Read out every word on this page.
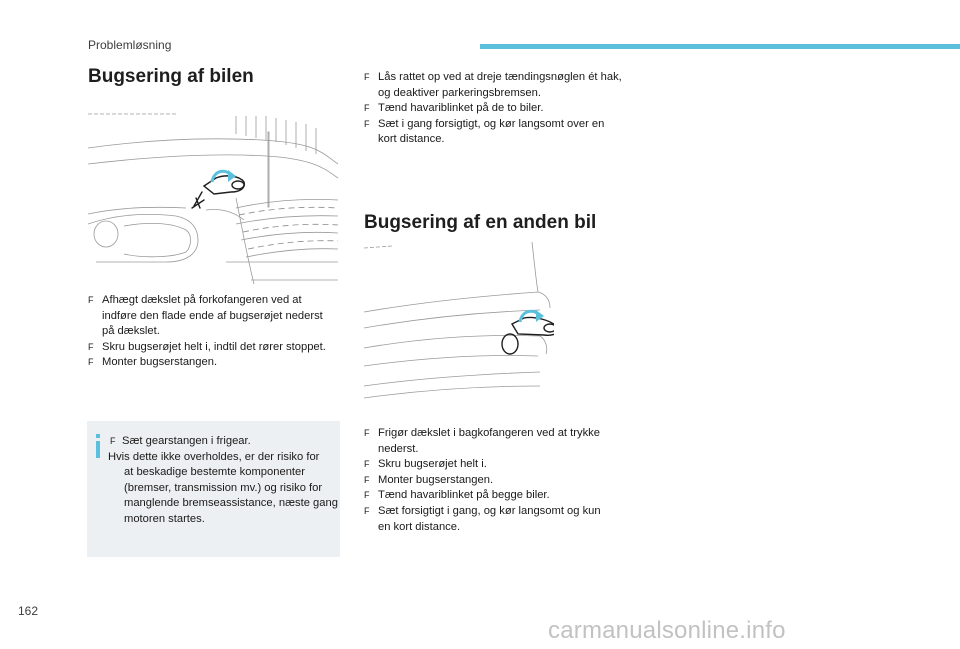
Problemløsning
Bugsering af bilen
F Afhægt dækslet på forkofangeren ved at indføre den flade ende af bugserøjet nederst på dækslet.
F Skru bugserøjet helt i, indtil det rører stoppet.
F Monter bugserstangen.
F Sæt gearstangen i frigear.
Hvis dette ikke overholdes, er der risiko for
at beskadige bestemte komponenter (bremser, transmission mv.) og risiko for manglende bremseassistance, næste gang motoren startes.
F Lås rattet op ved at dreje tændingsnøglen ét hak, og deaktiver parkeringsbremsen.
F Tænd havariblinket på de to biler.
F Sæt i gang forsigtigt, og kør langsomt over en kort distance.
Bugsering af en anden bil
F Frigør dækslet i bagkofangeren ved at trykke nederst.
F Skru bugserøjet helt i.
F Monter bugserstangen.
F Tænd havariblinket på begge biler.
F Sæt forsigtigt i gang, og kør langsomt og kun en kort distance.
162
carmanualsonline.info
